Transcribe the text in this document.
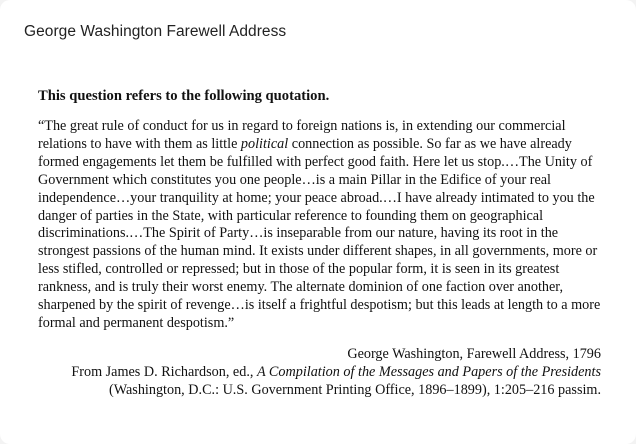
George Washington Farewell Address
This question refers to the following quotation.

“The great rule of conduct for us in regard to foreign nations is, in extending our commercial
relations to have with them as little political connection as possible. So far as we have already
formed engagements let them be fulfilled with perfect good faith. Here let us stop.…The Unity of
Government which constitutes you one people…is a main Pillar in the Edifice of your real
independence…your tranquility at home; your peace abroad.…I have already intimated to you the
danger of parties in the State, with particular reference to founding them on geographical
discriminations.…The Spirit of Party…is inseparable from our nature, having its root in the
strongest passions of the human mind. It exists under different shapes, in all governments, more or
less stifled, controlled or repressed; but in those of the popular form, it is seen in its greatest
rankness, and is truly their worst enemy. The alternate dominion of one faction over another,
sharpened by the spirit of revenge…is itself a frightful despotism; but this leads at length to a more
formal and permanent despotism.”

George Washington, Farewell Address, 1796
From James D. Richardson, ed., A Compilation of the Messages and Papers of the Presidents
(Washington, D.C.: U.S. Government Printing Office, 1896–1899), 1:205–216 passim.
